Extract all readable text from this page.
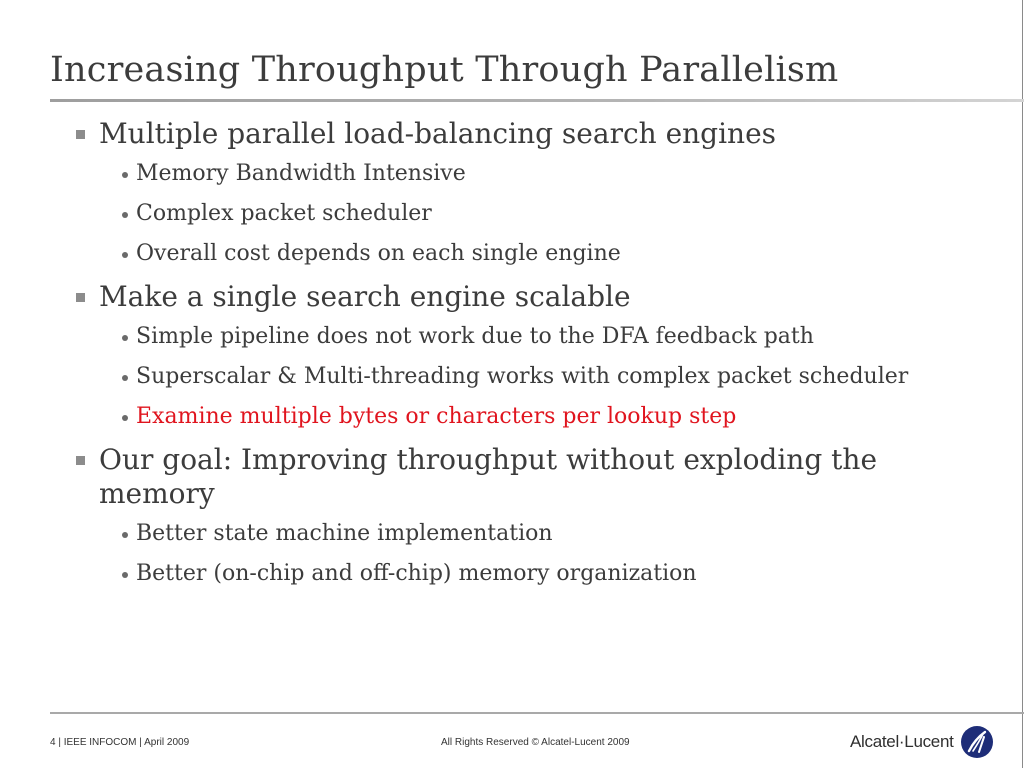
Increasing Throughput Through Parallelism
Multiple parallel load-balancing search engines
Memory Bandwidth Intensive
Complex packet scheduler
Overall cost depends on each single engine
Make a single search engine scalable
Simple pipeline does not work due to the DFA feedback path
Superscalar & Multi-threading works with complex packet scheduler
Examine multiple bytes or characters per lookup step
Our goal: Improving throughput without exploding the memory
Better state machine implementation
Better (on-chip and off-chip) memory organization
4 | IEEE INFOCOM | April 2009	All Rights Reserved © Alcatel-Lucent 2009	Alcatel·Lucent
